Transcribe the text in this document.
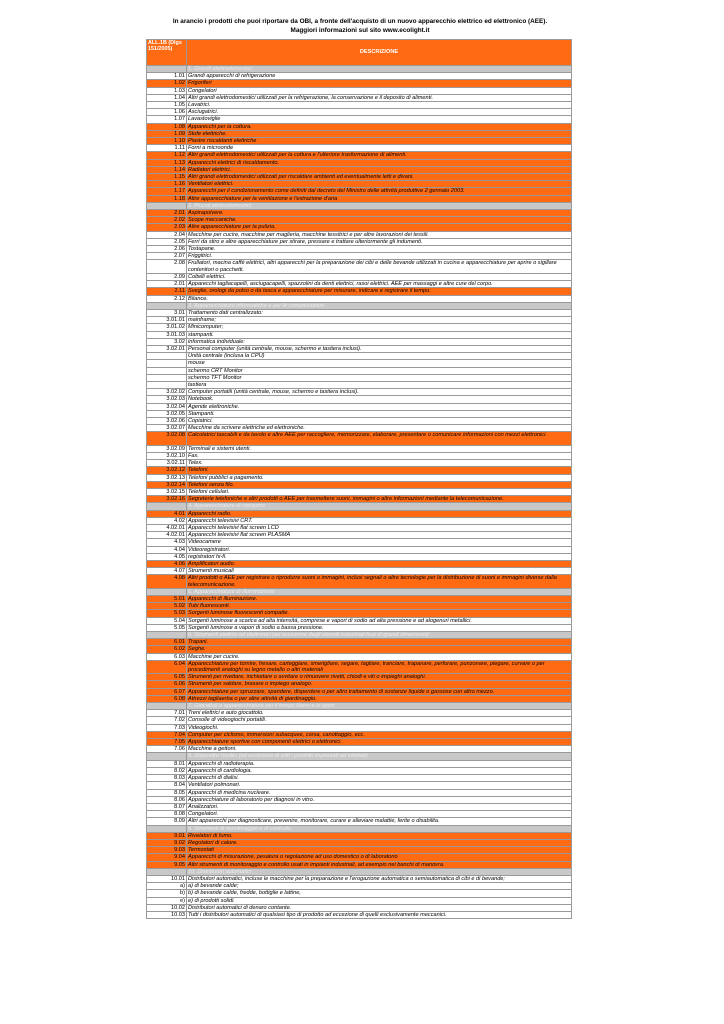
In arancio i prodotti che puoi riportare da OBI, a fronte dell'acquisto di un nuovo apparecchio elettrico ed elettronico (AEE).
Maggiori informazioni sul sito www.ecolight.it
ALL.1B (Dlgs 151/2005)	DESCRIZIONE
	1. Grandi elettrodomestici
1.01	Grandi apparecchi di refrigerazione
1.02	Frigoriferi
1.03	Congelatori
1.04	Altri grandi elettrodomestici utilizzati per la refrigerazione, la conservazione e il deposito di alimenti.
1.05	Lavatrici.
1.06	Asciugatrici.
1.07	Lavastoviglie
1.08	Apparecchi per la cottura.
1.09	Stufe elettriche.
1.10	Piastre riscaldanti elettriche
1.11	Forni a microonde
1.12	Altri grandi elettrodomestici utilizzati per la cottura e l'ulteriore trasformazione di alimenti.
1.13	Apparecchi elettrici di riscaldamento.
1.14	Radiatori elettrici.
1.15	Altri grandi elettrodomestici utilizzati per riscaldare ambienti ed eventualmente letti e divani.
1.16	Ventilatori elettrici.
1.17	Apparecchi per il condizionamento come definiti dal decreto del Ministro delle attività produttive 2 gennaio 2003.
1.18	Altre apparecchiature per la ventilazione e l'estrazione d'aria
	2. Piccoli elettrodomestici
2.01	Aspirapolvere.
2.02	Scope meccaniche.
2.03	Altre apparecchiature per la pulizia.
2.04	Macchine per cucire, macchine per maglieria, macchine tessitrici e per altre lavorazioni dei tessili.
2.05	Ferri da stiro e altre apparecchiature per stirare, pressare e trattare ulteriormente gli indumenti.
2.06	Tostapane.
2.07	Friggitrici.
2.08	Frullatori, macina caffè elettrici, altri apparecchi per la preparazione dei cibi e delle bevande utilizzati in cucina e apparecchiature per aprire o sigillare contenitori o pacchetti.
2.09	Coltelli elettrici.
2.01	Apparecchi tagliacapelli, asciugacapelli, spazzolini da denti elettrici, rasoi elettrici. AEE per massaggi e altre cure del corpo.
2.11	Sveglie, orologi da polso o da tasca e apparecchiature per misurare, indicare e registrare il tempo.
2.12	Bilance.
	3. Apparecchiature informatiche e per le comunicazioni
3.01	Trattamento dati centralizzato:
3.01.01	mainframe;
3.01.02	Minicomputer;
3.01.03	stampanti.
3.02	informatica individuale:
3.02.01	Personal computer (unità centrale, mouse, schermo e tastiera inclusi).
	Unità centrale (inclusa la CPU)
	mouse
	schermo CRT Monitor
	schermo TFT Monitor
	tastiera
3.02.02	Computer portatili (unità centrale, mouse, schermo e tastiera inclusi).
3.02.03	Notebook.
3.02.04	Agende elettroniche.
3.02.05	Stampanti.
3.02.06	Copiatrici.
3.02.07	Macchine da scrivere elettriche ed elettroniche.
3.02.08	Calcolatrici tascabili e da tavolo e altre AEE per raccogliere, memorizzare, elaborare, presentare o comunicare informazioni con mezzi elettronici.
3.02.09	Terminali e sistemi utenti.
3.02.10	Fax.
3.02.11	Telex.
3.02.12	Telefoni.
3.02.13	Telefoni pubblici a pagamento.
3.02.14	Telefoni senza filo.
3.02.15	Telefoni cellulari.
3.02.16	Segreterie telefoniche e altri prodotti o AEE per trasmettere suoni, immagini o altre informazioni mediante la telecomunicazione.
	4. Apparecchiature di consumo
4.01	Apparecchi radio.
4.02	Apparecchi televisivi CRT.
4.02.01	Apparecchi televisivi flat screen LCD
4.02.01	Apparecchi televisivi flat screen PLASMA
4.03	Videocamere
4.04	Videoregistratori.
4.05	registratori hi-fi.
4.06	Amplificatori audio.
4.07	Strumenti musicali
4.08	Altri prodotti o AEE per registrare o riprodurre suoni o immagini, inclusi segnali o altre tecnologie per la distribuzione di suoni e immagini diverse dalla telecomunicazione.
	5. Apparecchiature di illuminazione
5.01	Apparecchi di illuminazione.
5.02	Tubi fluorescenti.
5.03	Sorgenti luminose fluorescenti compatte.
5.04	Sorgenti luminose a scarica ad alta intensità, comprese e vapori di sodio ad alta pressione e ad alogenuri metallici.
5.05	Sorgenti luminose a vapori di sodio a bassa pressione.
	6. Strumenti elettrici ed elettronici (ad eccezione degli utensili industriali fissi di grandi dimensioni)
6.01	Trapani.
6.02	Seghe.
6.03	Macchine per cucire.
6.04	Apparecchiature per tornire, fresare, carteggiare, smerigliare, segare, tagliare, tranciare, trapanare, perforare, punzonare, piegare, curvare o per procedimenti analoghi su legno metallo o altri materiali
6.05	Strumenti per rivettare, inchiodare o avvitare o rimuovere rivetti, chiodi e viti o impieghi analoghi.
6.06	Strumenti per saldare, brasare o impiego analogo.
6.07	Apparecchiature per spruzzare, spandere, disperdere o per altro trattamento di sostanze liquide o gassose con altro mezzo.
6.08	Attrezzi tagliaerba o per altre attività di giardinaggio.
	7. Giocattoli e apparecchiature per il tempo libero e lo sport
7.01	Treni elettrici e auto giocattolo.
7.02	Consolle di videogiochi portatili.
7.03	Videogiochi.
7.04	Computer per ciclismo, immersioni subacquee, corsa, canottaggio, ecc.
7.05	Apparecchiature sportive con componenti elettrici o elettronici.
7.06	Macchine a gettoni.
	8. Dispositivi medici (ad eccezione di tutti i prodotti impiantati ed infettati)
8.01	Apparecchi di radioterapia.
8.02	Apparecchi di cardiologia.
8.03	Apparecchi di dialisi.
8.04	Ventilatori polmonari.
8.05	Apparecchi di medicina nucleare.
8.06	Apparecchiature di laboratorio per diagnosi in vitro.
8.07	Analizzatori.
8.08	Congelatori.
8.09	Altri apparecchi per diagnosticare, prevenire, monitorare, curare e alleviare malattie, ferite o disabilita.
	9. Strumenti di monitoraggio e di controllo
9.01	Rivelatori di fumo.
9.02	Regolatori di calore.
9.03	Termostati
9.04	Apparecchi di misurazione, pesatura o regolazione ad uso domestico o di laboratorio
9.05	Altri strumenti di monitoraggio e controllo usati in impianti industriali, ad esempio nei banchi di manovra.
	10. Distributori automatici
10.01	Distributori automatici, incluse le macchine per la preparazione e l'erogazione automatica o semiautomatica di cibi e di bevande;
a)	a) di bevande calde;
b)	b) di bevande calde, fredde, bottiglie e lattine,
e)	e) di prodotti solidi.
10.02	Distributori automatici di denaro contante.
10.03	Tutti i distributori automatici di qualsiasi tipo di prodotto ad eccezione di quelli esclusivamente meccanici.
